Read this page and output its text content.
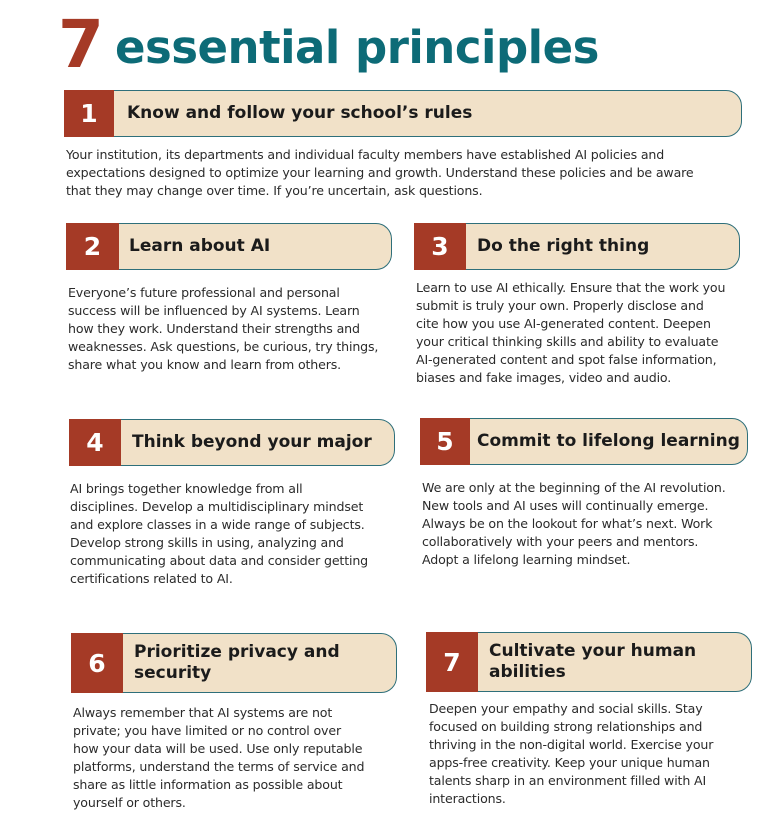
7 essential principles
1 Know and follow your school’s rules
Your institution, its departments and individual faculty members have established AI policies and
expectations designed to optimize your learning and growth. Understand these policies and be aware
that they may change over time. If you’re uncertain, ask questions.
2 Learn about AI
Everyone’s future professional and personal
success will be influenced by AI systems. Learn
how they work. Understand their strengths and
weaknesses. Ask questions, be curious, try things,
share what you know and learn from others.
3 Do the right thing
Learn to use AI ethically. Ensure that the work you
submit is truly your own. Properly disclose and
cite how you use AI-generated content. Deepen
your critical thinking skills and ability to evaluate
AI-generated content and spot false information,
biases and fake images, video and audio.
4 Think beyond your major
AI brings together knowledge from all
disciplines. Develop a multidisciplinary mindset
and explore classes in a wide range of subjects.
Develop strong skills in using, analyzing and
communicating about data and consider getting
certifications related to AI.
5 Commit to lifelong learning
We are only at the beginning of the AI revolution.
New tools and AI uses will continually emerge.
Always be on the lookout for what’s next. Work
collaboratively with your peers and mentors.
Adopt a lifelong learning mindset.
6 Prioritize privacy and
security
Always remember that AI systems are not
private; you have limited or no control over
how your data will be used. Use only reputable
platforms, understand the terms of service and
share as little information as possible about
yourself or others.
7 Cultivate your human
abilities
Deepen your empathy and social skills. Stay
focused on building strong relationships and
thriving in the non-digital world. Exercise your
apps-free creativity. Keep your unique human
talents sharp in an environment filled with AI
interactions.
